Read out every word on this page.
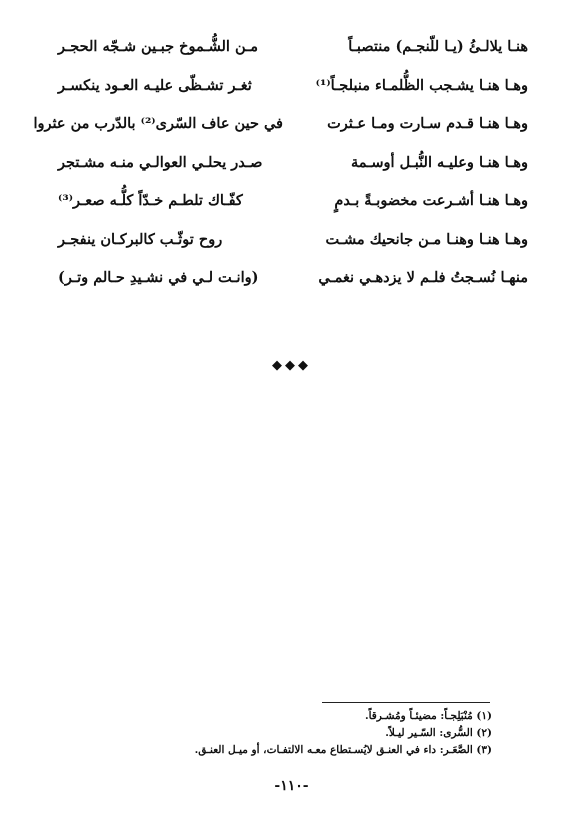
هنـا يلالـئُ (يـا للّنجـم) منتصبـاً
مـن الشُّـموخ جبـين شـجّه الحجـر
وهـا هنـا يشـجب الظُّلمـاء منبلجـاً⁽¹⁾
ثغـر تشـظّى عليـه العـود ينكسـر
وهـا هنـا قـدم سـارت ومـا عـثرت
في حين عاف السّرى⁽²⁾ بالدّرب من عثروا
وهـا هنـا وعليـه النُّبـل أوسـمة
صـدر يحلـي العوالـي منـه مشـتجر
وهـا هنـا أشـرعت مخضوبـةً بـدمٍ
كفّـاك تلطـم خـدّاً كلُّـه صعـر⁽³⁾
وهـا هنـا وهنـا مـن جانحيك مشـت
روح توثّـب كالبركـان ينفجـر
منهـا نُسـجتُ فلـم لا يزدهـي نغمـي
(وانـت لـي في نشـيدِ حـالم وتـر)
◆◆◆
(١) مُنْبَلِجـاً: مضيئـاً ومُشـرقاً.
(٢) السُّرى: السّـير ليـلاً.
(٣) الصَّعَـر: داء في العنـق لايُسـتطاع معـه الالتفـات، أو ميـل العنـق.
-١١٠-
